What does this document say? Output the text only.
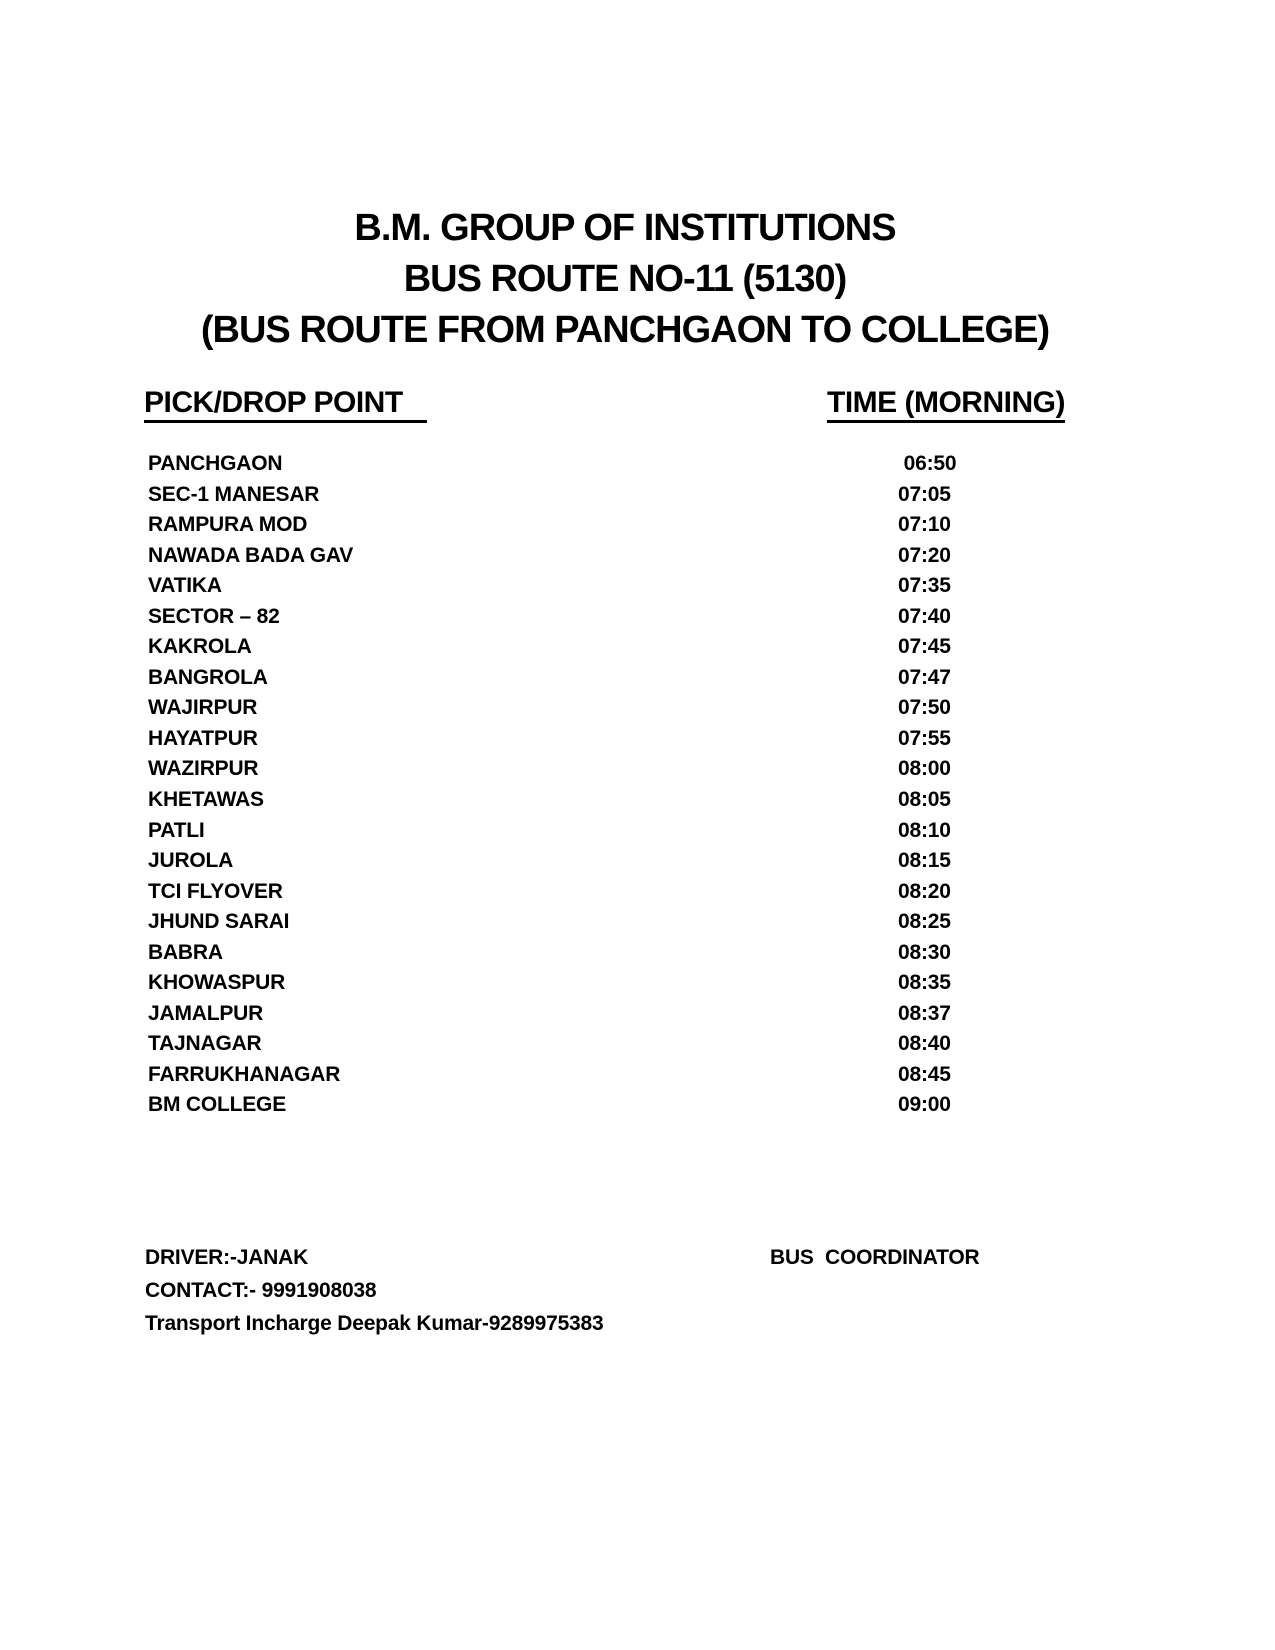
B.M. GROUP OF INSTITUTIONS
BUS ROUTE NO-11 (5130)
(BUS ROUTE FROM PANCHGAON TO COLLEGE)
PICK/DROP POINT	TIME (MORNING)
PANCHGAON	06:50
SEC-1 MANESAR	07:05
RAMPURA MOD	07:10
NAWADA BADA GAV	07:20
VATIKA	07:35
SECTOR – 82	07:40
KAKROLA	07:45
BANGROLA	07:47
WAJIRPUR	07:50
HAYATPUR	07:55
WAZIRPUR	08:00
KHETAWAS	08:05
PATLI	08:10
JUROLA	08:15
TCI FLYOVER	08:20
JHUND SARAI	08:25
BABRA	08:30
KHOWASPUR	08:35
JAMALPUR	08:37
TAJNAGAR	08:40
FARRUKHANAGAR	08:45
BM COLLEGE	09:00
DRIVER:-JANAK	BUS  COORDINATOR
CONTACT:- 9991908038
Transport Incharge Deepak Kumar-9289975383
